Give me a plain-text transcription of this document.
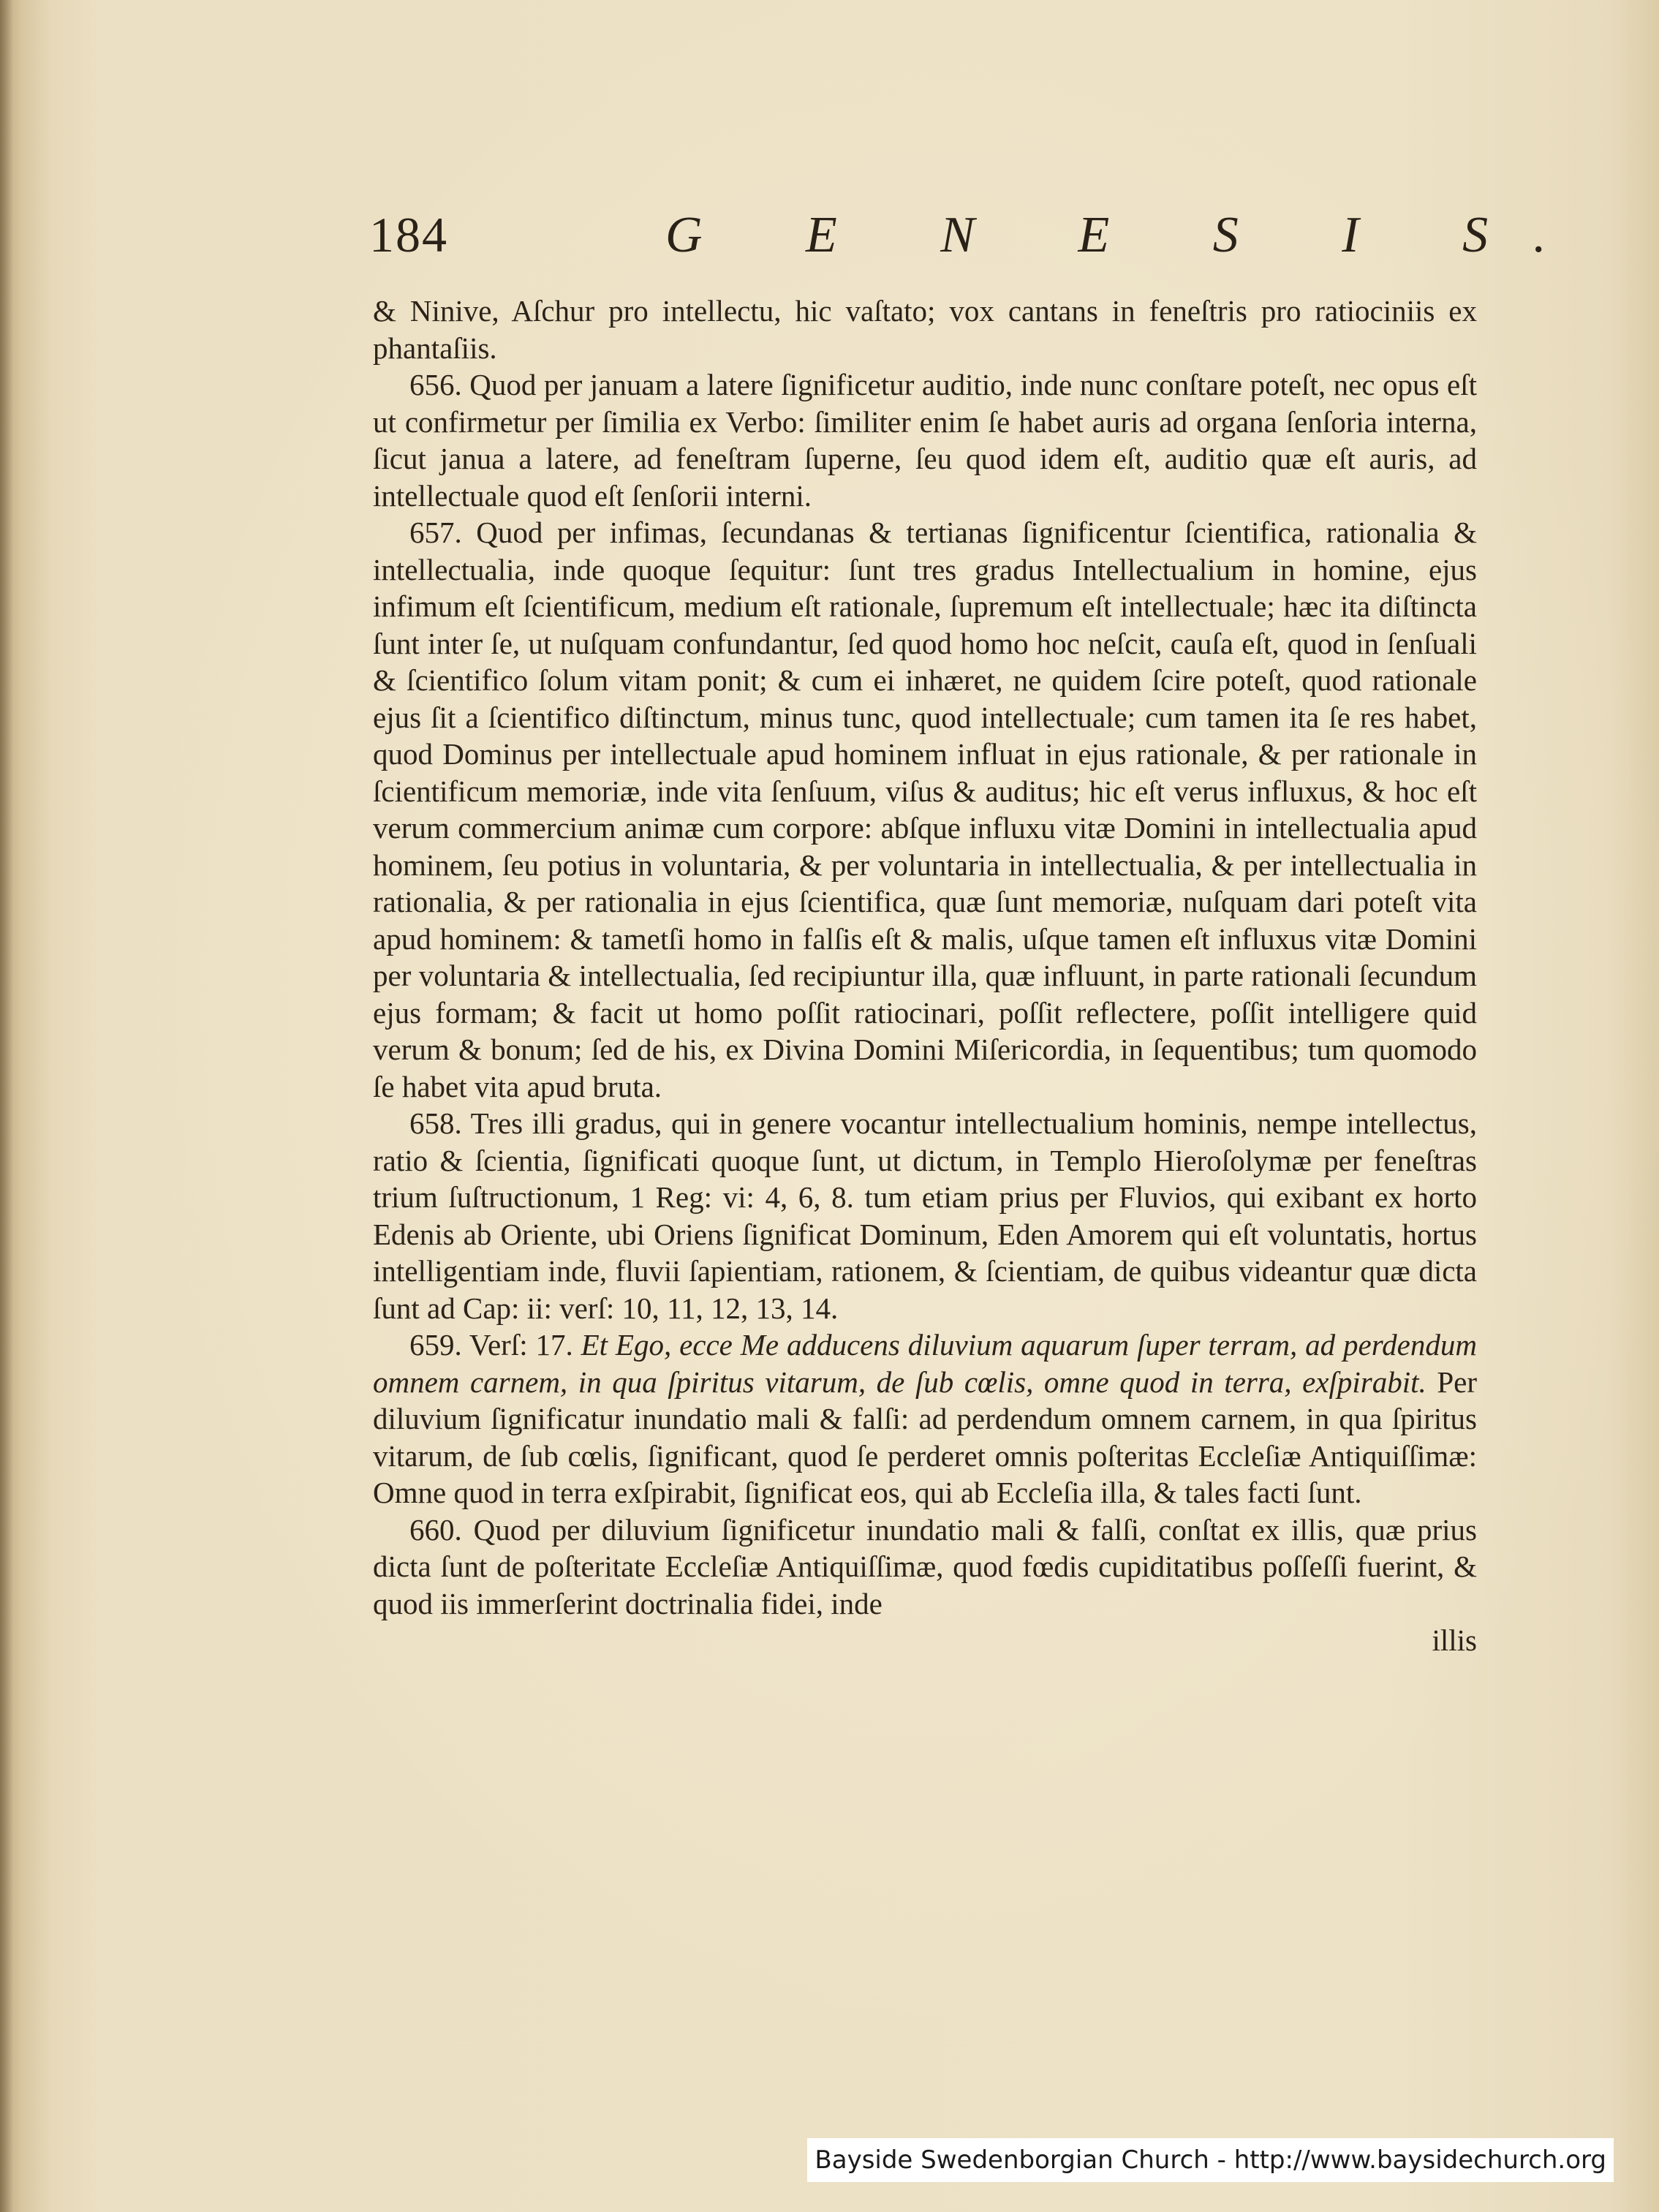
184	G E N E S I S.

& Ninive, Aſchur pro intellectu, hic vaſtato; vox cantans in feneſtris pro ratiociniis ex phantaſiis.

656. Quod per januam a latere ſignificetur auditio, inde nunc conſtare poteſt, nec opus eſt ut confirmetur per ſimilia ex Verbo: ſimiliter enim ſe habet auris ad organa ſenſoria interna, ſicut janua a latere, ad feneſtram ſuperne, ſeu quod idem eſt, auditio quæ eſt auris, ad intellectuale quod eſt ſenſorii interni.

657. Quod per infimas, ſecundanas & tertianas ſignificentur ſcientifica, rationalia & intellectualia, inde quoque ſequitur: ſunt tres gradus Intellectualium in homine, ejus infimum eſt ſcientificum, medium eſt rationale, ſupremum eſt intellectuale; hæc ita diſtincta ſunt inter ſe, ut nuſquam confundantur, ſed quod homo hoc neſcit, cauſa eſt, quod in ſenſuali & ſcientifico ſolum vitam ponit; & cum ei inhæret, ne quidem ſcire poteſt, quod rationale ejus ſit a ſcientifico diſtinctum, minus tunc, quod intellectuale; cum tamen ita ſe res habet, quod Dominus per intellectuale apud hominem influat in ejus rationale, & per rationale in ſcientificum memoriæ, inde vita ſenſuum, viſus & auditus; hic eſt verus influxus, & hoc eſt verum commercium animæ cum corpore: abſque influxu vitæ Domini in intellectualia apud hominem, ſeu potius in voluntaria, & per voluntaria in intellectualia, & per intellectualia in rationalia, & per rationalia in ejus ſcientifica, quæ ſunt memoriæ, nuſquam dari poteſt vita apud hominem: & tametſi homo in falſis eſt & malis, uſque tamen eſt influxus vitæ Domini per voluntaria & intellectualia, ſed recipiuntur illa, quæ influunt, in parte rationali ſecundum ejus formam; & facit ut homo poſſit ratiocinari, poſſit reflectere, poſſit intelligere quid verum & bonum; ſed de his, ex Divina Domini Miſericordia, in ſequentibus; tum quomodo ſe habet vita apud bruta.

658. Tres illi gradus, qui in genere vocantur intellectualium hominis, nempe intellectus, ratio & ſcientia, ſignificati quoque ſunt, ut dictum, in Templo Hieroſolymæ per feneſtras trium ſuſtructionum, 1 Reg: vi: 4, 6, 8. tum etiam prius per Fluvios, qui exibant ex horto Edenis ab Oriente, ubi Oriens ſignificat Dominum, Eden Amorem qui eſt voluntatis, hortus intelligentiam inde, fluvii ſapientiam, rationem, & ſcientiam, de quibus videantur quæ dicta ſunt ad Cap: ii: verſ: 10, 11, 12, 13, 14.

659. Verſ: 17. Et Ego, ecce Me adducens diluvium aquarum ſuper terram, ad perdendum omnem carnem, in qua ſpiritus vitarum, de ſub cœlis, omne quod in terra, exſpirabit. Per diluvium ſignificatur inundatio mali & falſi: ad perdendum omnem carnem, in qua ſpiritus vitarum, de ſub cœlis, ſignificant, quod ſe perderet omnis poſteritas Eccleſiæ Antiquiſſimæ: Omne quod in terra exſpirabit, ſignificat eos, qui ab Eccleſia illa, & tales facti ſunt.

660. Quod per diluvium ſignificetur inundatio mali & falſi, conſtat ex illis, quæ prius dicta ſunt de poſteritate Eccleſiæ Antiquiſſimæ, quod fœdis cupiditatibus poſſeſſi fuerint, & quod iis immerſerint doctrinalia fidei, inde

illis

Bayside Swedenborgian Church - http://www.baysidechurch.org
